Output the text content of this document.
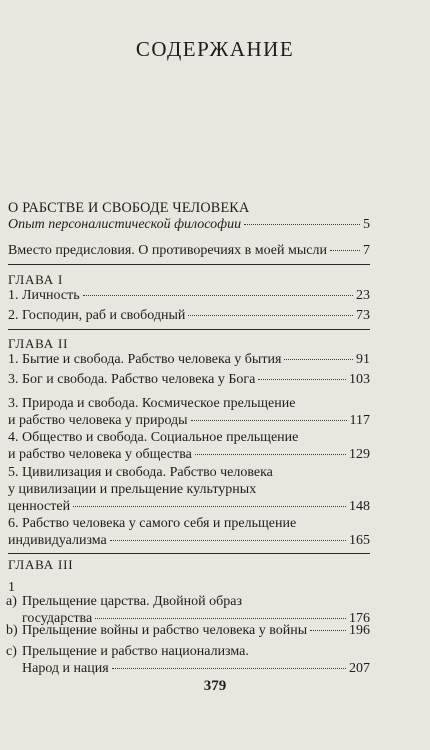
СОДЕРЖАНИЕ
О РАБСТВЕ И СВОБОДЕ ЧЕЛОВЕКА
Опыт персоналистической философии	5
Вместо предисловия. О противоречиях в моей мысли	7
ГЛАВА I
1. Личность	23
2. Господин, раб и свободный	73
ГЛАВА II
1. Бытие и свобода. Рабство человека у бытия	91
3. Бог и свобода. Рабство человека у Бога	103
3. Природа и свобода. Космическое прельщение
и рабство человека у природы	117
4. Общество и свобода. Социальное прельщение
и рабство человека у общества	129
5. Цивилизация и свобода. Рабство человека
у цивилизации и прельщение культурных
ценностей	148
6. Рабство человека у самого себя и прельщение
индивидуализма	165
ГЛАВА III
1
a) Прельщение царства. Двойной образ
государства	176
b) Прельщение войны и рабство человека у войны	196
c) Прельщение и рабство национализма.
Народ и нация	207
379
